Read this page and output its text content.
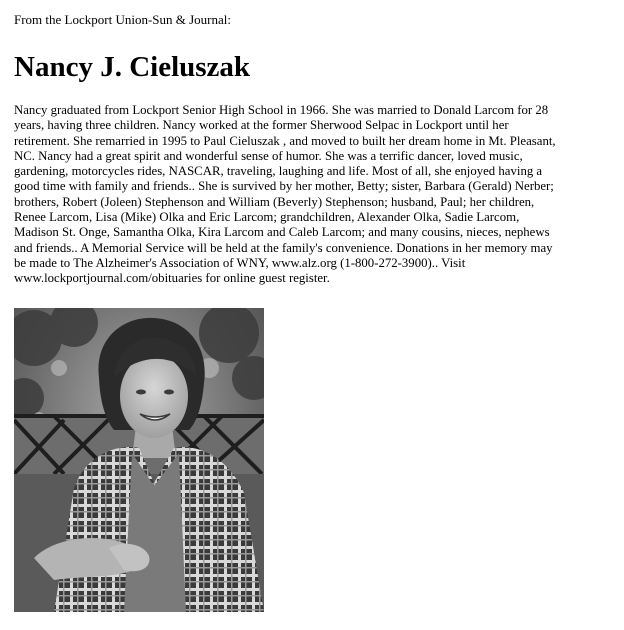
From the Lockport Union-Sun & Journal:
Nancy J. Cieluszak
Nancy graduated from Lockport Senior High School in 1966. She was married to Donald Larcom for 28
years, having three children. Nancy worked at the former Sherwood Selpac in Lockport until her
retirement. She remarried in 1995 to Paul Cieluszak , and moved to built her dream home in Mt. Pleasant,
NC. Nancy had a great spirit and wonderful sense of humor. She was a terrific dancer, loved music,
gardening, motorcycles rides, NASCAR, traveling, laughing and life. Most of all, she enjoyed having a
good time with family and friends.. She is survived by her mother, Betty; sister, Barbara (Gerald) Nerber;
brothers, Robert (Joleen) Stephenson and William (Beverly) Stephenson; husband, Paul; her children,
Renee Larcom, Lisa (Mike) Olka and Eric Larcom; grandchildren, Alexander Olka, Sadie Larcom,
Madison St. Onge, Samantha Olka, Kira Larcom and Caleb Larcom; and many cousins, nieces, nephews
and friends.. A Memorial Service will be held at the family's convenience. Donations in her memory may
be made to The Alzheimer's Association of WNY, www.alz.org (1-800-272-3900).. Visit
www.lockportjournal.com/obituaries for online guest register.
